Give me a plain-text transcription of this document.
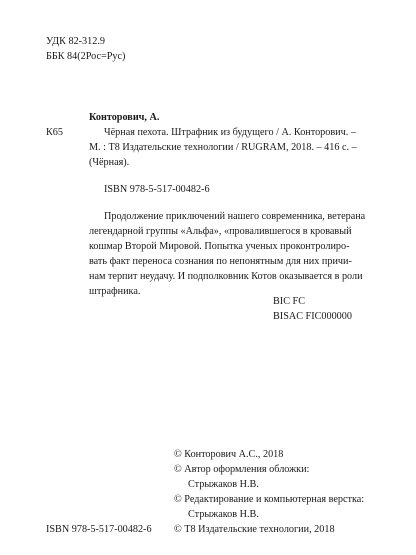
УДК 82-312.9
ББК 84(2Рос=Рус)
К65
Конторович, А.
Чёрная пехота. Штрафник из будущего / А. Конторович. –
М. : Т8 Издательские технологии / RUGRAM, 2018. – 416 с. –
(Чёрная).
ISBN 978-5-517-00482-6
Продолжение приключений нашего современника, ветерана
легендарной группы «Альфа», «провалившегося в кровавый
кошмар Второй Мировой. Попытка ученых проконтролиро-
вать факт переноса сознания по непонятным для них причи-
нам терпит неудачу. И подполковник Котов оказывается в роли
штрафника.
BIC FC
BISAC FIC000000
© Конторович А.С., 2018
© Автор оформления обложки:
Стрыжаков Н.В.
© Редактирование и компьютерная верстка:
Стрыжаков Н.В.
© Т8 Издательские технологии, 2018
ISBN 978-5-517-00482-6
